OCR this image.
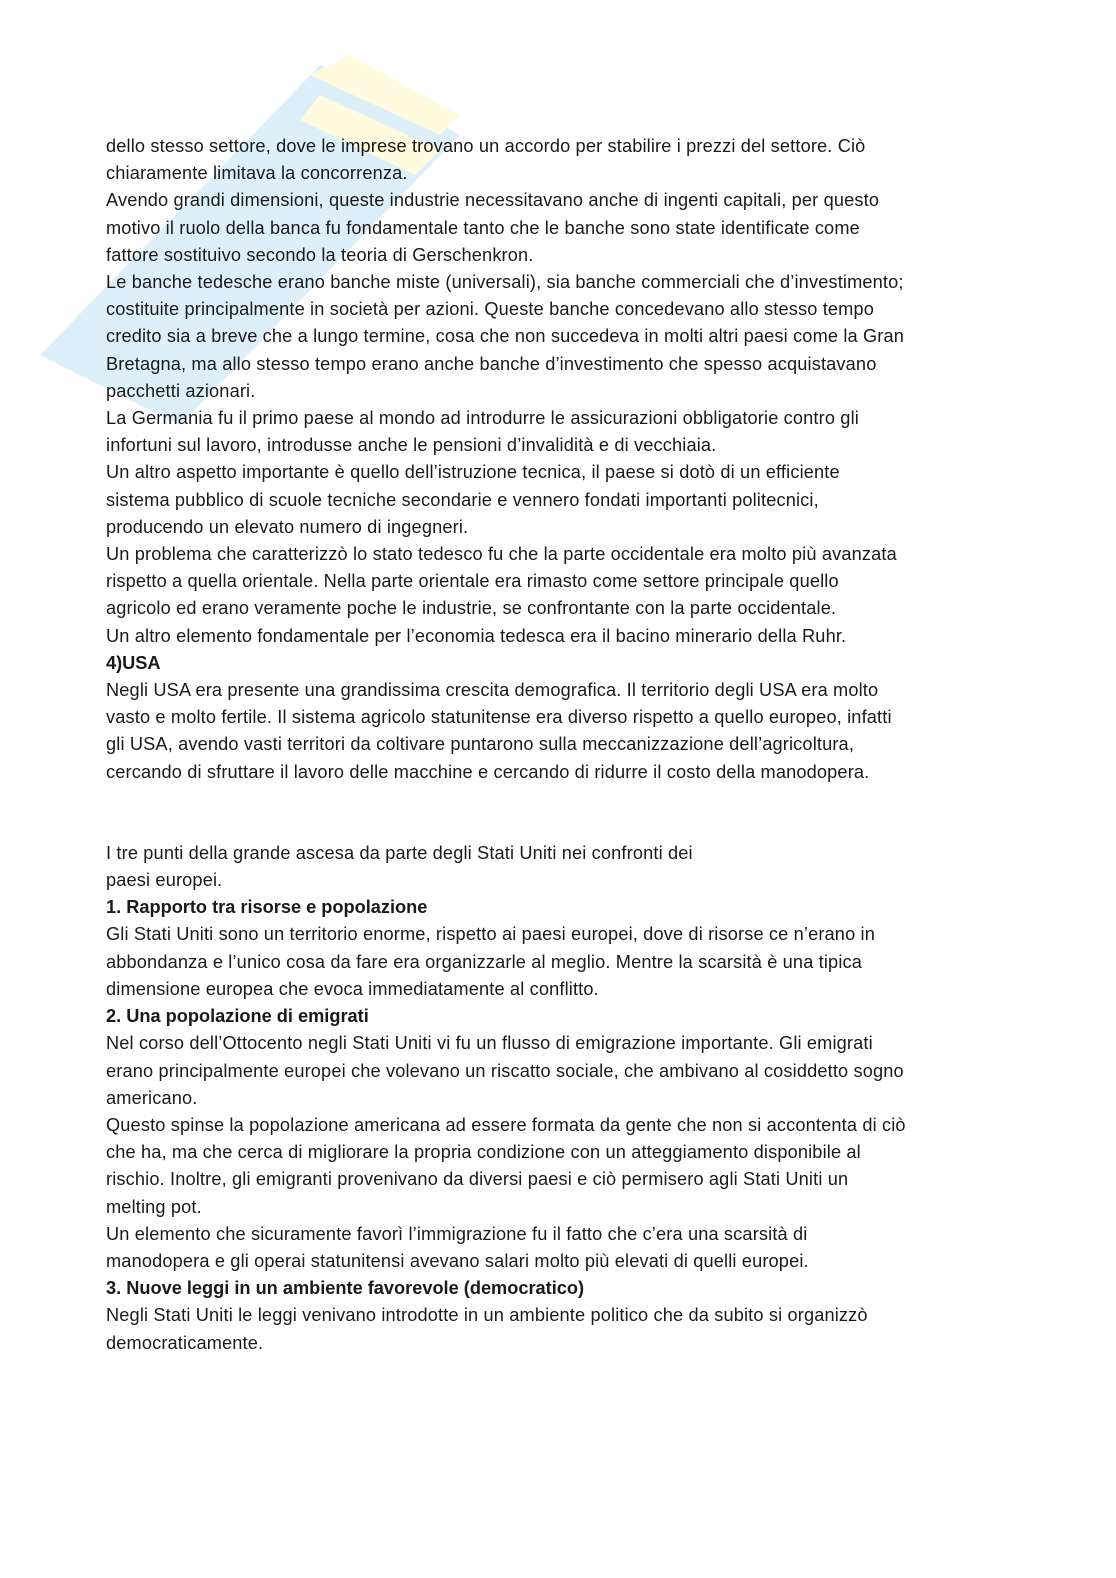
dello stesso settore, dove le imprese trovano un accordo per stabilire i prezzi del settore. Ciò
chiaramente limitava la concorrenza.
Avendo grandi dimensioni, queste industrie necessitavano anche di ingenti capitali, per questo
motivo il ruolo della banca fu fondamentale tanto che le banche sono state identificate come
fattore sostituivo secondo la teoria di Gerschenkron.
Le banche tedesche erano banche miste (universali), sia banche commerciali che d’investimento;
costituite principalmente in società per azioni. Queste banche concedevano allo stesso tempo
credito sia a breve che a lungo termine, cosa che non succedeva in molti altri paesi come la Gran
Bretagna, ma allo stesso tempo erano anche banche d’investimento che spesso acquistavano
pacchetti azionari.
La Germania fu il primo paese al mondo ad introdurre le assicurazioni obbligatorie contro gli
infortuni sul lavoro, introdusse anche le pensioni d’invalidità e di vecchiaia.
Un altro aspetto importante è quello dell’istruzione tecnica, il paese si dotò di un efficiente
sistema pubblico di scuole tecniche secondarie e vennero fondati importanti politecnici,
producendo un elevato numero di ingegneri.
Un problema che caratterizzò lo stato tedesco fu che la parte occidentale era molto più avanzata
rispetto a quella orientale. Nella parte orientale era rimasto come settore principale quello
agricolo ed erano veramente poche le industrie, se confrontante con la parte occidentale.
Un altro elemento fondamentale per l’economia tedesca era il bacino minerario della Ruhr.
4)USA
Negli USA era presente una grandissima crescita demografica. Il territorio degli USA era molto
vasto e molto fertile. Il sistema agricolo statunitense era diverso rispetto a quello europeo, infatti
gli USA, avendo vasti territori da coltivare puntarono sulla meccanizzazione dell’agricoltura,
cercando di sfruttare il lavoro delle macchine e cercando di ridurre il costo della manodopera.
I tre punti della grande ascesa da parte degli Stati Uniti nei confronti dei
paesi europei.
1. Rapporto tra risorse e popolazione
Gli Stati Uniti sono un territorio enorme, rispetto ai paesi europei, dove di risorse ce n’erano in
abbondanza e l’unico cosa da fare era organizzarle al meglio. Mentre la scarsità è una tipica
dimensione europea che evoca immediatamente al conflitto.
2. Una popolazione di emigrati
Nel corso dell’Ottocento negli Stati Uniti vi fu un flusso di emigrazione importante. Gli emigrati
erano principalmente europei che volevano un riscatto sociale, che ambivano al cosiddetto sogno
americano.
Questo spinse la popolazione americana ad essere formata da gente che non si accontenta di ciò
che ha, ma che cerca di migliorare la propria condizione con un atteggiamento disponibile al
rischio. Inoltre, gli emigranti provenivano da diversi paesi e ciò permisero agli Stati Uniti un
melting pot.
Un elemento che sicuramente favorì l’immigrazione fu il fatto che c’era una scarsità di
manodopera e gli operai statunitensi avevano salari molto più elevati di quelli europei.
3. Nuove leggi in un ambiente favorevole (democratico)
Negli Stati Uniti le leggi venivano introdotte in un ambiente politico che da subito si organizzò
democraticamente.
